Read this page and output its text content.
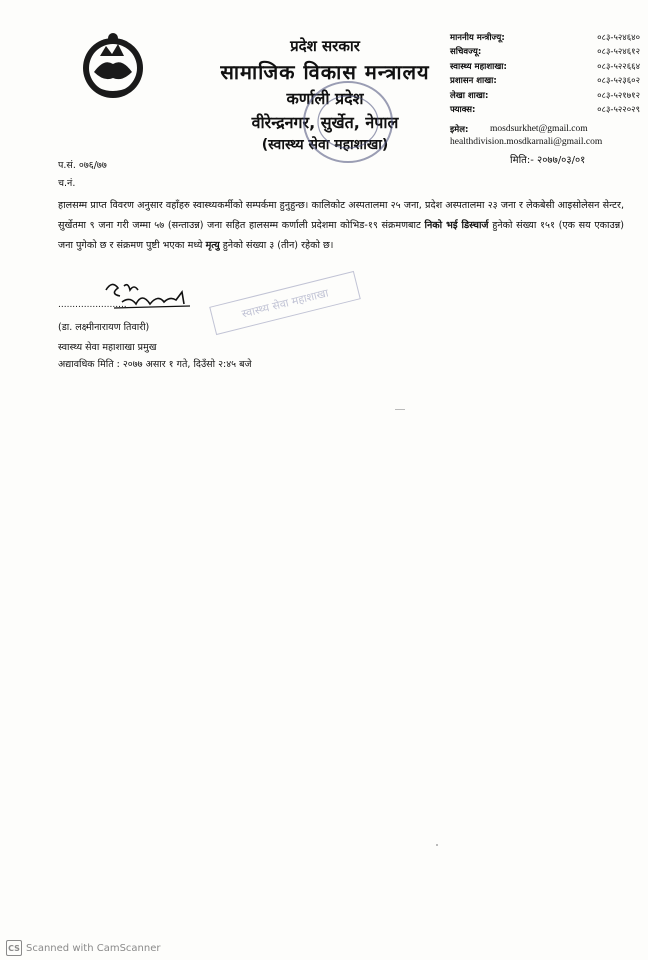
प्रदेश सरकार
सामाजिक विकास मन्त्रालय
कर्णाली प्रदेश
वीरेन्द्रनगर, सुर्खेत, नेपाल
(स्वास्थ्य सेवा महाशाखा)
माननीय मन्त्रीज्यू:	०८३-५२४६४०
सचिवज्यू:	०८३-५२४६१२
स्वास्थ्य महाशाखा:	०८३-५२२६६४
प्रशासन शाखा:	०८३-५२३६०२
लेखा शाखा:	०८३-५२१७१२
फ्याक्स:	०८३-५२२०२९
इमेल:	mosdsurkhet@gmail.com
healthdivision.mosdkarnali@gmail.com
मिति:- २०७७/०३/०१
प.सं. ०७६/७७
च.नं.
हालसम्म प्राप्त विवरण अनुसार वहाँहरु स्वास्थ्यकर्मीको सम्पर्कमा हुनुहुन्छ। कालिकोट अस्पतालमा २५ जना, प्रदेश अस्पतालमा २३ जना र लेकबेसी आइसोलेसन सेन्टर, सुर्खेतमा ९ जना गरी जम्मा ५७ (सन्ताउन्न) जना सहित हालसम्म कर्णाली प्रदेशमा कोभिड-१९ संक्रमणबाट निको भई डिस्चार्ज हुनेको संख्या १५१ (एक सय एकाउन्न) जना पुगेको छ र संक्रमण पुष्टी भएका मध्ये मृत्यु हुनेको संख्या ३ (तीन) रहेको छ।
........................
(डा. लक्ष्मीनारायण तिवारी)
स्वास्थ्य सेवा महाशाखा प्रमुख
अद्यावधिक मिति : २०७७ असार १ गते, दिउँसो २:४५ बजे
स्वास्थ्य सेवा महाशाखा
CS Scanned with CamScanner
